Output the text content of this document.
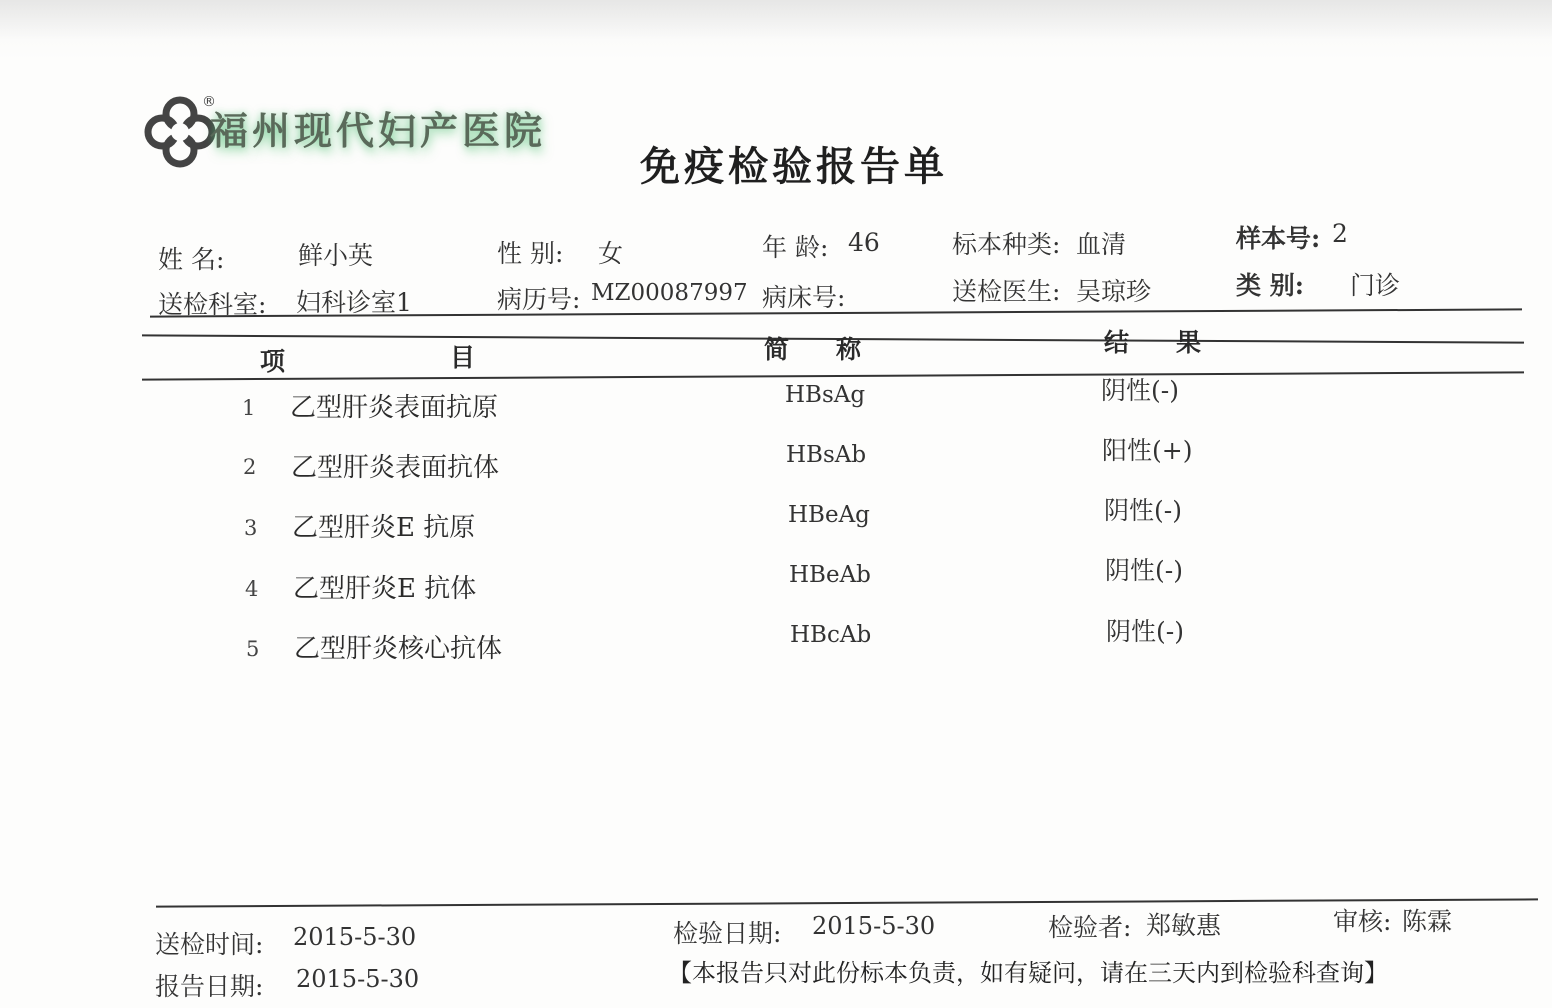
®
福州现代妇产医院
免疫检验报告单
姓 名:	鲜小英	性 别: 女	年 龄: 46	标本种类: 血清	样本号: 2
送检科室: 妇科诊室1	病历号: MZ00087997 病床号:	送检医生: 吴琼珍	类 别: 门诊
项	目	简 称	结 果
1 乙型肝炎表面抗原	HBsAg	阴性(-)
2 乙型肝炎表面抗体	HBsAb	阳性(+)
3 乙型肝炎E 抗原	HBeAg	阴性(-)
4 乙型肝炎E 抗体	HBeAb	阴性(-)
5 乙型肝炎核心抗体	HBcAb	阴性(-)
送检时间: 2015-5-30
报告日期: 2015-5-30
检验日期: 2015-5-30	检验者: 郑敏惠	审核: 陈霖
【本报告只对此份标本负责，如有疑问，请在三天内到检验科查询】
